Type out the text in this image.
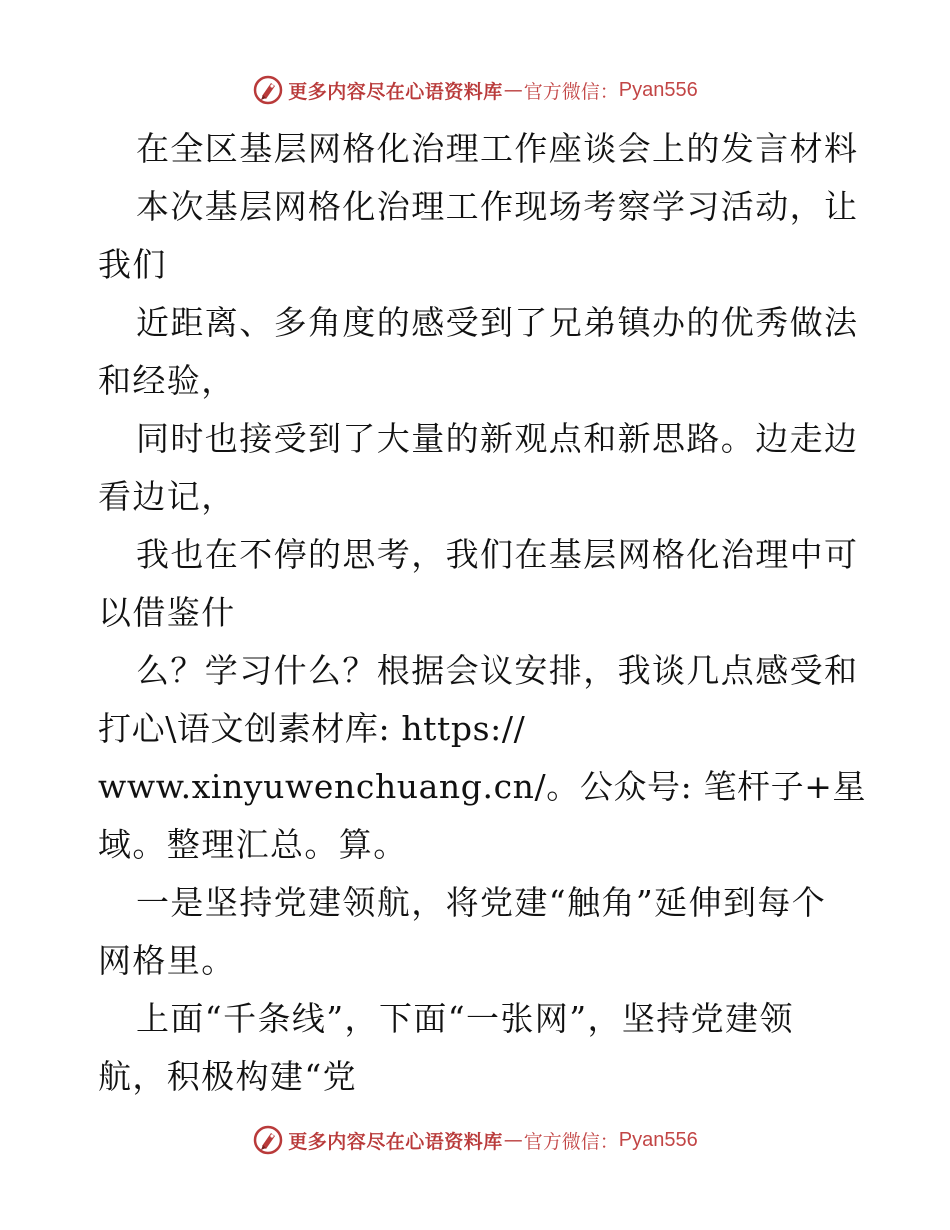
更多内容尽在心语资料库 — 官方微信： Pyan556
在全区基层网格化治理工作座谈会上的发言材料
本次基层网格化治理工作现场考察学习活动，让
我们
近距离、多角度的感受到了兄弟镇办的优秀做法
和经验，
同时也接受到了大量的新观点和新思路。边走边
看边记，
我也在不停的思考，我们在基层网格化治理中可
以借鉴什
么？学习什么？根据会议安排，我谈几点感受和
打心\语文创素材库: https://
www.xinyuwenchuang.cn/。公众号: 笔杆子+星
域。整理汇总。算。
一是坚持党建领航，将党建“触角”延伸到每个
网格里。
上面“千条线”，下面“一张网”，坚持党建领
航，积极构建“党
更多内容尽在心语资料库 — 官方微信： Pyan556
